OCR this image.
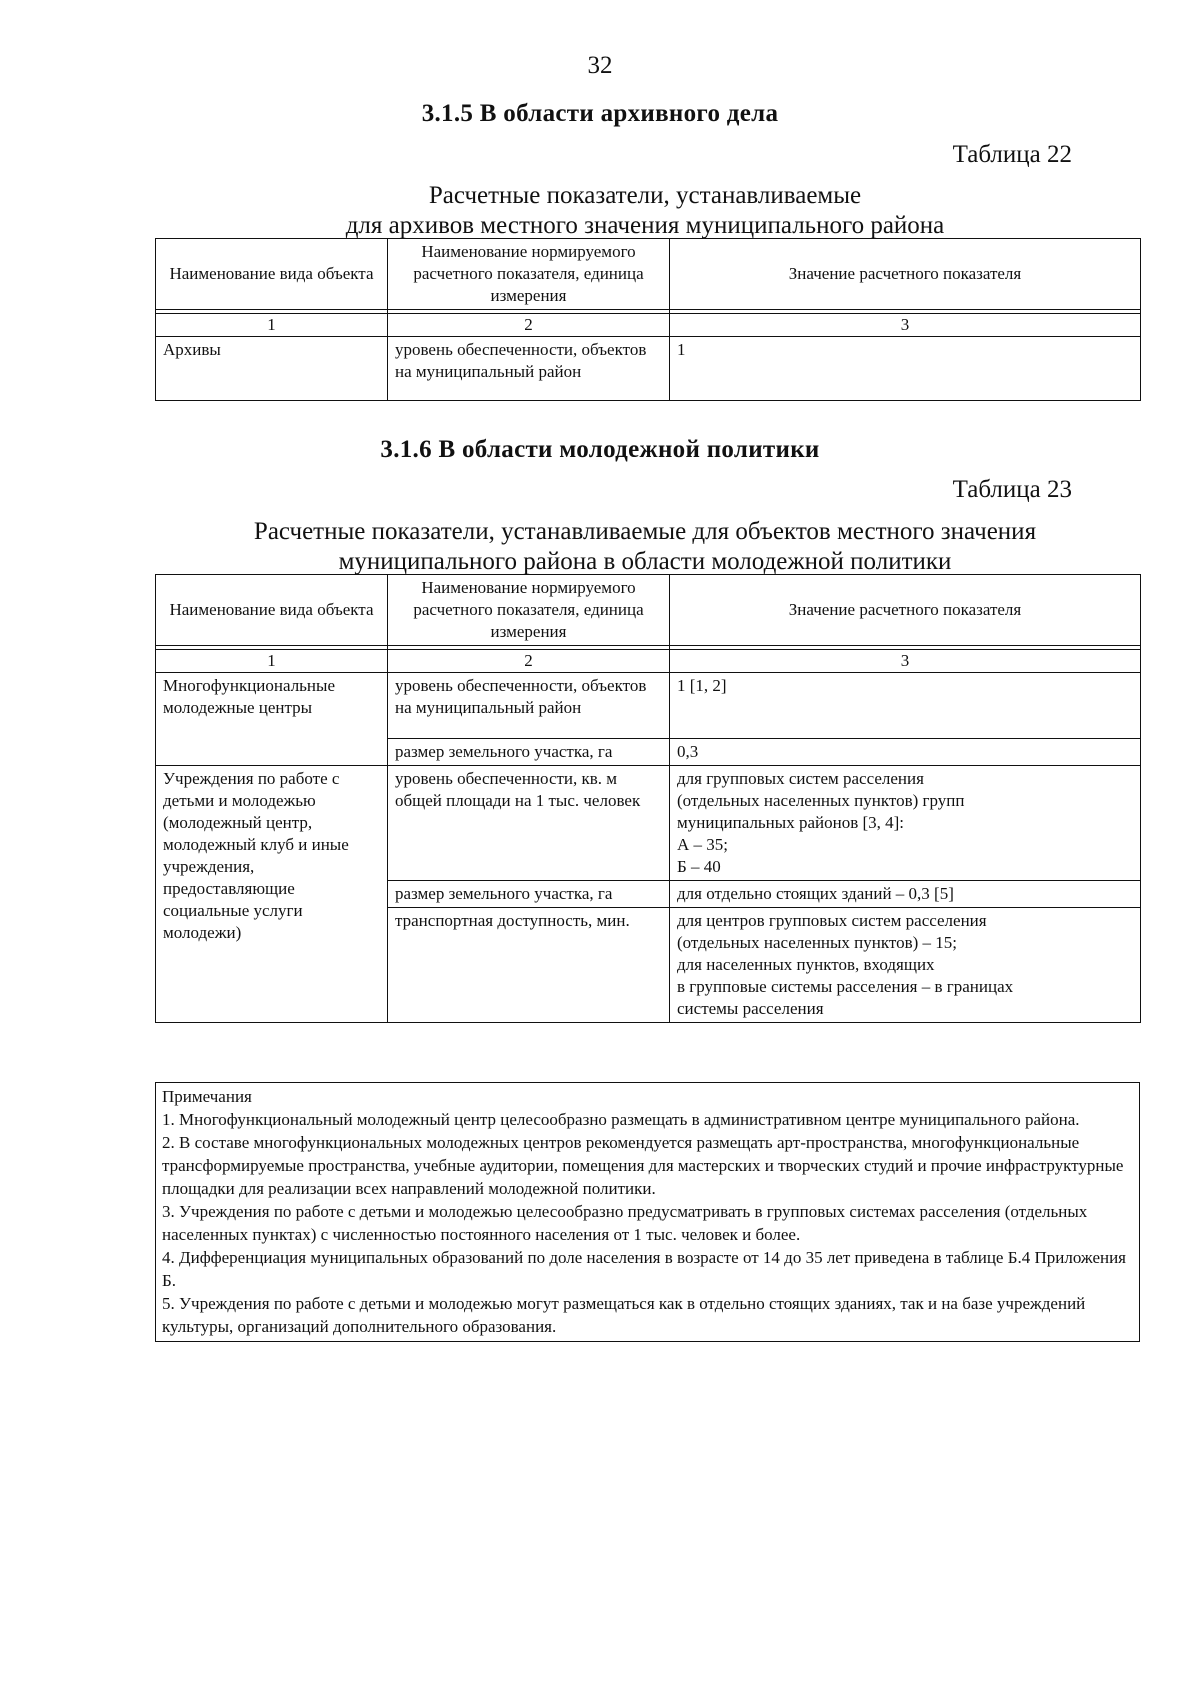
32
3.1.5 В области архивного дела
Таблица 22
Расчетные показатели, устанавливаемые
для архивов местного значения муниципального района
Наименование вида объекта	Наименование нормируемого расчетного показателя, единица измерения	Значение расчетного показателя

1	2	3
Архивы	уровень обеспеченности, объектов на муниципальный район	1
3.1.6 В области молодежной политики
Таблица 23
Расчетные показатели, устанавливаемые для объектов местного значения
муниципального района в области молодежной политики
Наименование вида объекта	Наименование нормируемого расчетного показателя, единица измерения	Значение расчетного показателя

1	2	3
Многофункциональные молодежные центры	уровень обеспеченности, объектов на муниципальный район	1 [1, 2]
	размер земельного участка, га	0,3
Учреждения по работе с детьми и молодежью (молодежный центр, молодежный клуб и иные учреждения, предоставляющие социальные услуги молодежи)	уровень обеспеченности, кв. м общей площади на 1 тыс. человек	для групповых систем расселения
(отдельных населенных пунктов) групп
муниципальных районов [3, 4]:
А – 35;
Б – 40

	размер земельного участка, га	для отдельно стоящих зданий – 0,3 [5]
	транспортная доступность, мин.	для центров групповых систем расселения
(отдельных населенных пунктов) – 15;
для населенных пунктов, входящих
в групповые системы расселения – в границах
системы расселения
Примечания
1. Многофункциональный молодежный центр целесообразно размещать в административном центре муниципального района.
2. В составе многофункциональных молодежных центров рекомендуется размещать арт-пространства, многофункциональные трансформируемые пространства, учебные аудитории, помещения для мастерских и творческих студий и прочие инфраструктурные площадки для реализации всех направлений молодежной политики.
3. Учреждения по работе с детьми и молодежью целесообразно предусматривать в групповых системах расселения (отдельных населенных пунктах) с численностью постоянного населения от 1 тыс. человек и более.
4. Дифференциация муниципальных образований по доле населения в возрасте от 14 до 35 лет приведена в таблице Б.4 Приложения Б.
5. Учреждения по работе с детьми и молодежью могут размещаться как в отдельно стоящих зданиях, так и на базе учреждений культуры, организаций дополнительного образования.
